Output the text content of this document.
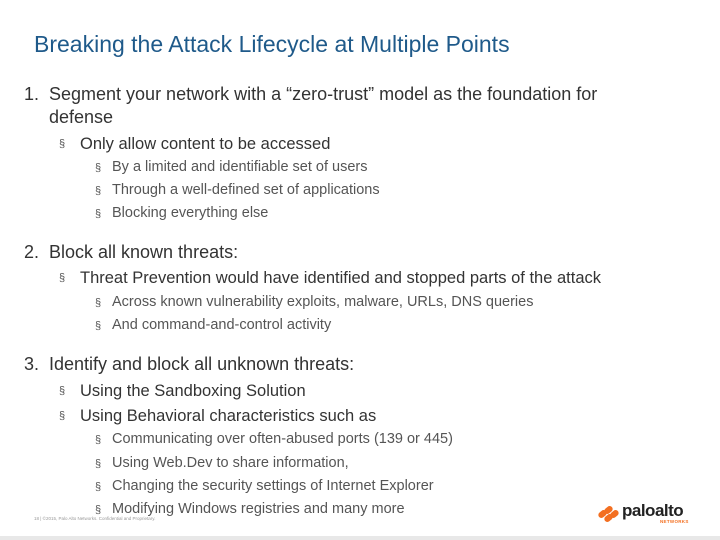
Breaking the Attack Lifecycle at Multiple Points
1. Segment your network with a “zero-trust” model as the foundation for
defense
§ Only allow content to be accessed
§ By a limited and identifiable set of users
§ Through a well-defined set of applications
§ Blocking everything else
2. Block all known threats:
§ Threat Prevention would have identified and stopped parts of the attack
§ Across known vulnerability exploits, malware, URLs, DNS queries
§ And command-and-control activity
3. Identify and block all unknown threats:
§ Using the Sandboxing Solution
§ Using Behavioral characteristics such as
§ Communicating over often-abused ports (139 or 445)
§ Using Web.Dev to share information,
§ Changing the security settings of Internet Explorer
§ Modifying Windows registries and many more
18 | ©2015, Palo Alto Networks. Confidential and Proprietary.	paloalto
NETWORKS
